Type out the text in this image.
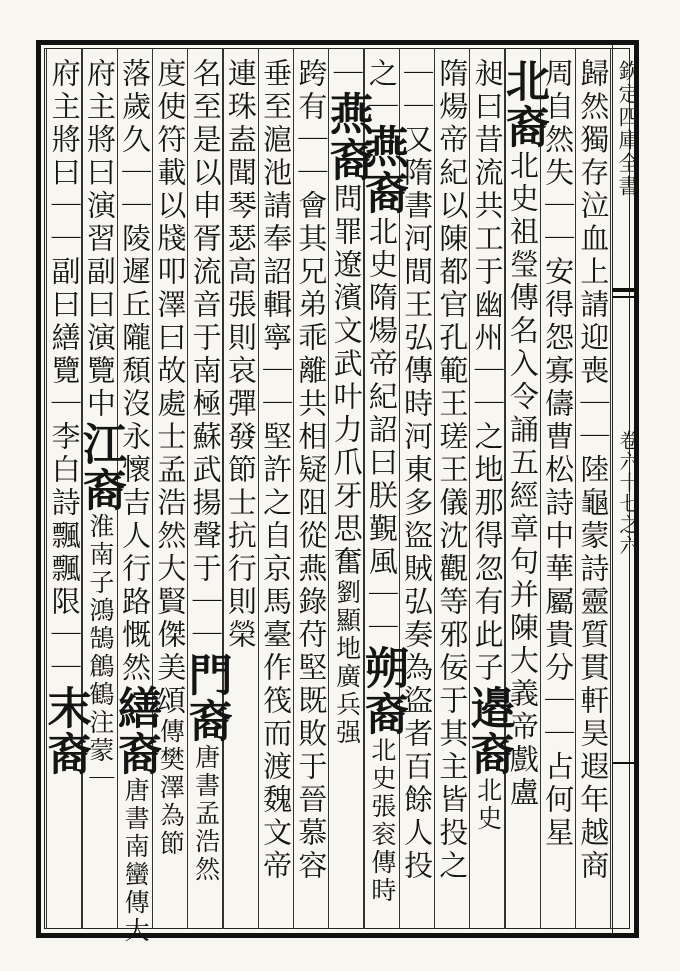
欽定四庫全書
卷六十七之六
歸然獨存泣血上請迎喪｜｜陸龜蒙詩靈質貫軒昊遐年越商
周自然失｜｜安得怨寡儔曹松詩中華屬貴分｜｜占何星
北裔北史祖瑩傳名入令誦五經章句并陳大義帝戲盧
昶曰昔流共工于幽州｜｜之地那得忽有此子邉裔北史
隋煬帝紀以陳都官孔範王瑳王儀沈觀等邪佞于其主皆投之
｜｜又隋書河間王弘傳時河東多盜賊弘奏為盜者百餘人投
之｜燕裔北史隋煬帝紀詔曰朕覲風｜｜朔裔北史張衮傳時
｜燕裔問罪遼濱文武叶力爪牙思奮劉顯地廣兵强
跨有｜｜會其兄弟乖離共相疑阻從燕錄苻堅既敗于晉慕容
垂至滬池請奉詔輯寧｜｜堅許之自京馬臺作筏而渡魏文帝
連珠盍聞琴瑟高張則哀彈發節士抗行則榮
名至是以申胥流音于南極蘇武揚聲于｜｜門裔唐書孟浩然
度使符載以牋叩澤曰故處士孟浩然大賢傑美頌傳樊澤為節
落歲久｜｜陵遲丘隴頹沒永懷吉人行路慨然繕裔唐書南蠻傳大
府主將曰演習副曰演覽中江裔淮南子鴻鵠鶬鶴注蒙｜
府主將曰｜｜副曰繕覽｜李白詩飄飄限｜｜末裔
